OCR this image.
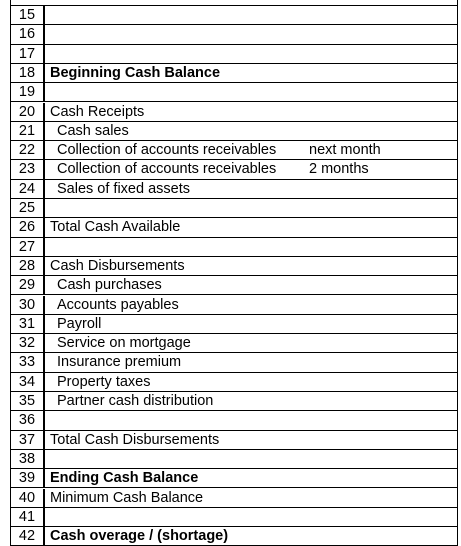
15
16
17
18	Beginning Cash Balance
19
20	Cash Receipts
21	Cash sales
22	Collection of accounts receivables next month
23	Collection of accounts receivables 2 months
24	Sales of fixed assets
25
26	Total Cash Available
27
28	Cash Disbursements
29	Cash purchases
30	Accounts payables
31	Payroll
32	Service on mortgage
33	Insurance premium
34	Property taxes
35	Partner cash distribution
36
37	Total Cash Disbursements
38
39	Ending Cash Balance
40	Minimum Cash Balance
41
42	Cash overage / (shortage)
